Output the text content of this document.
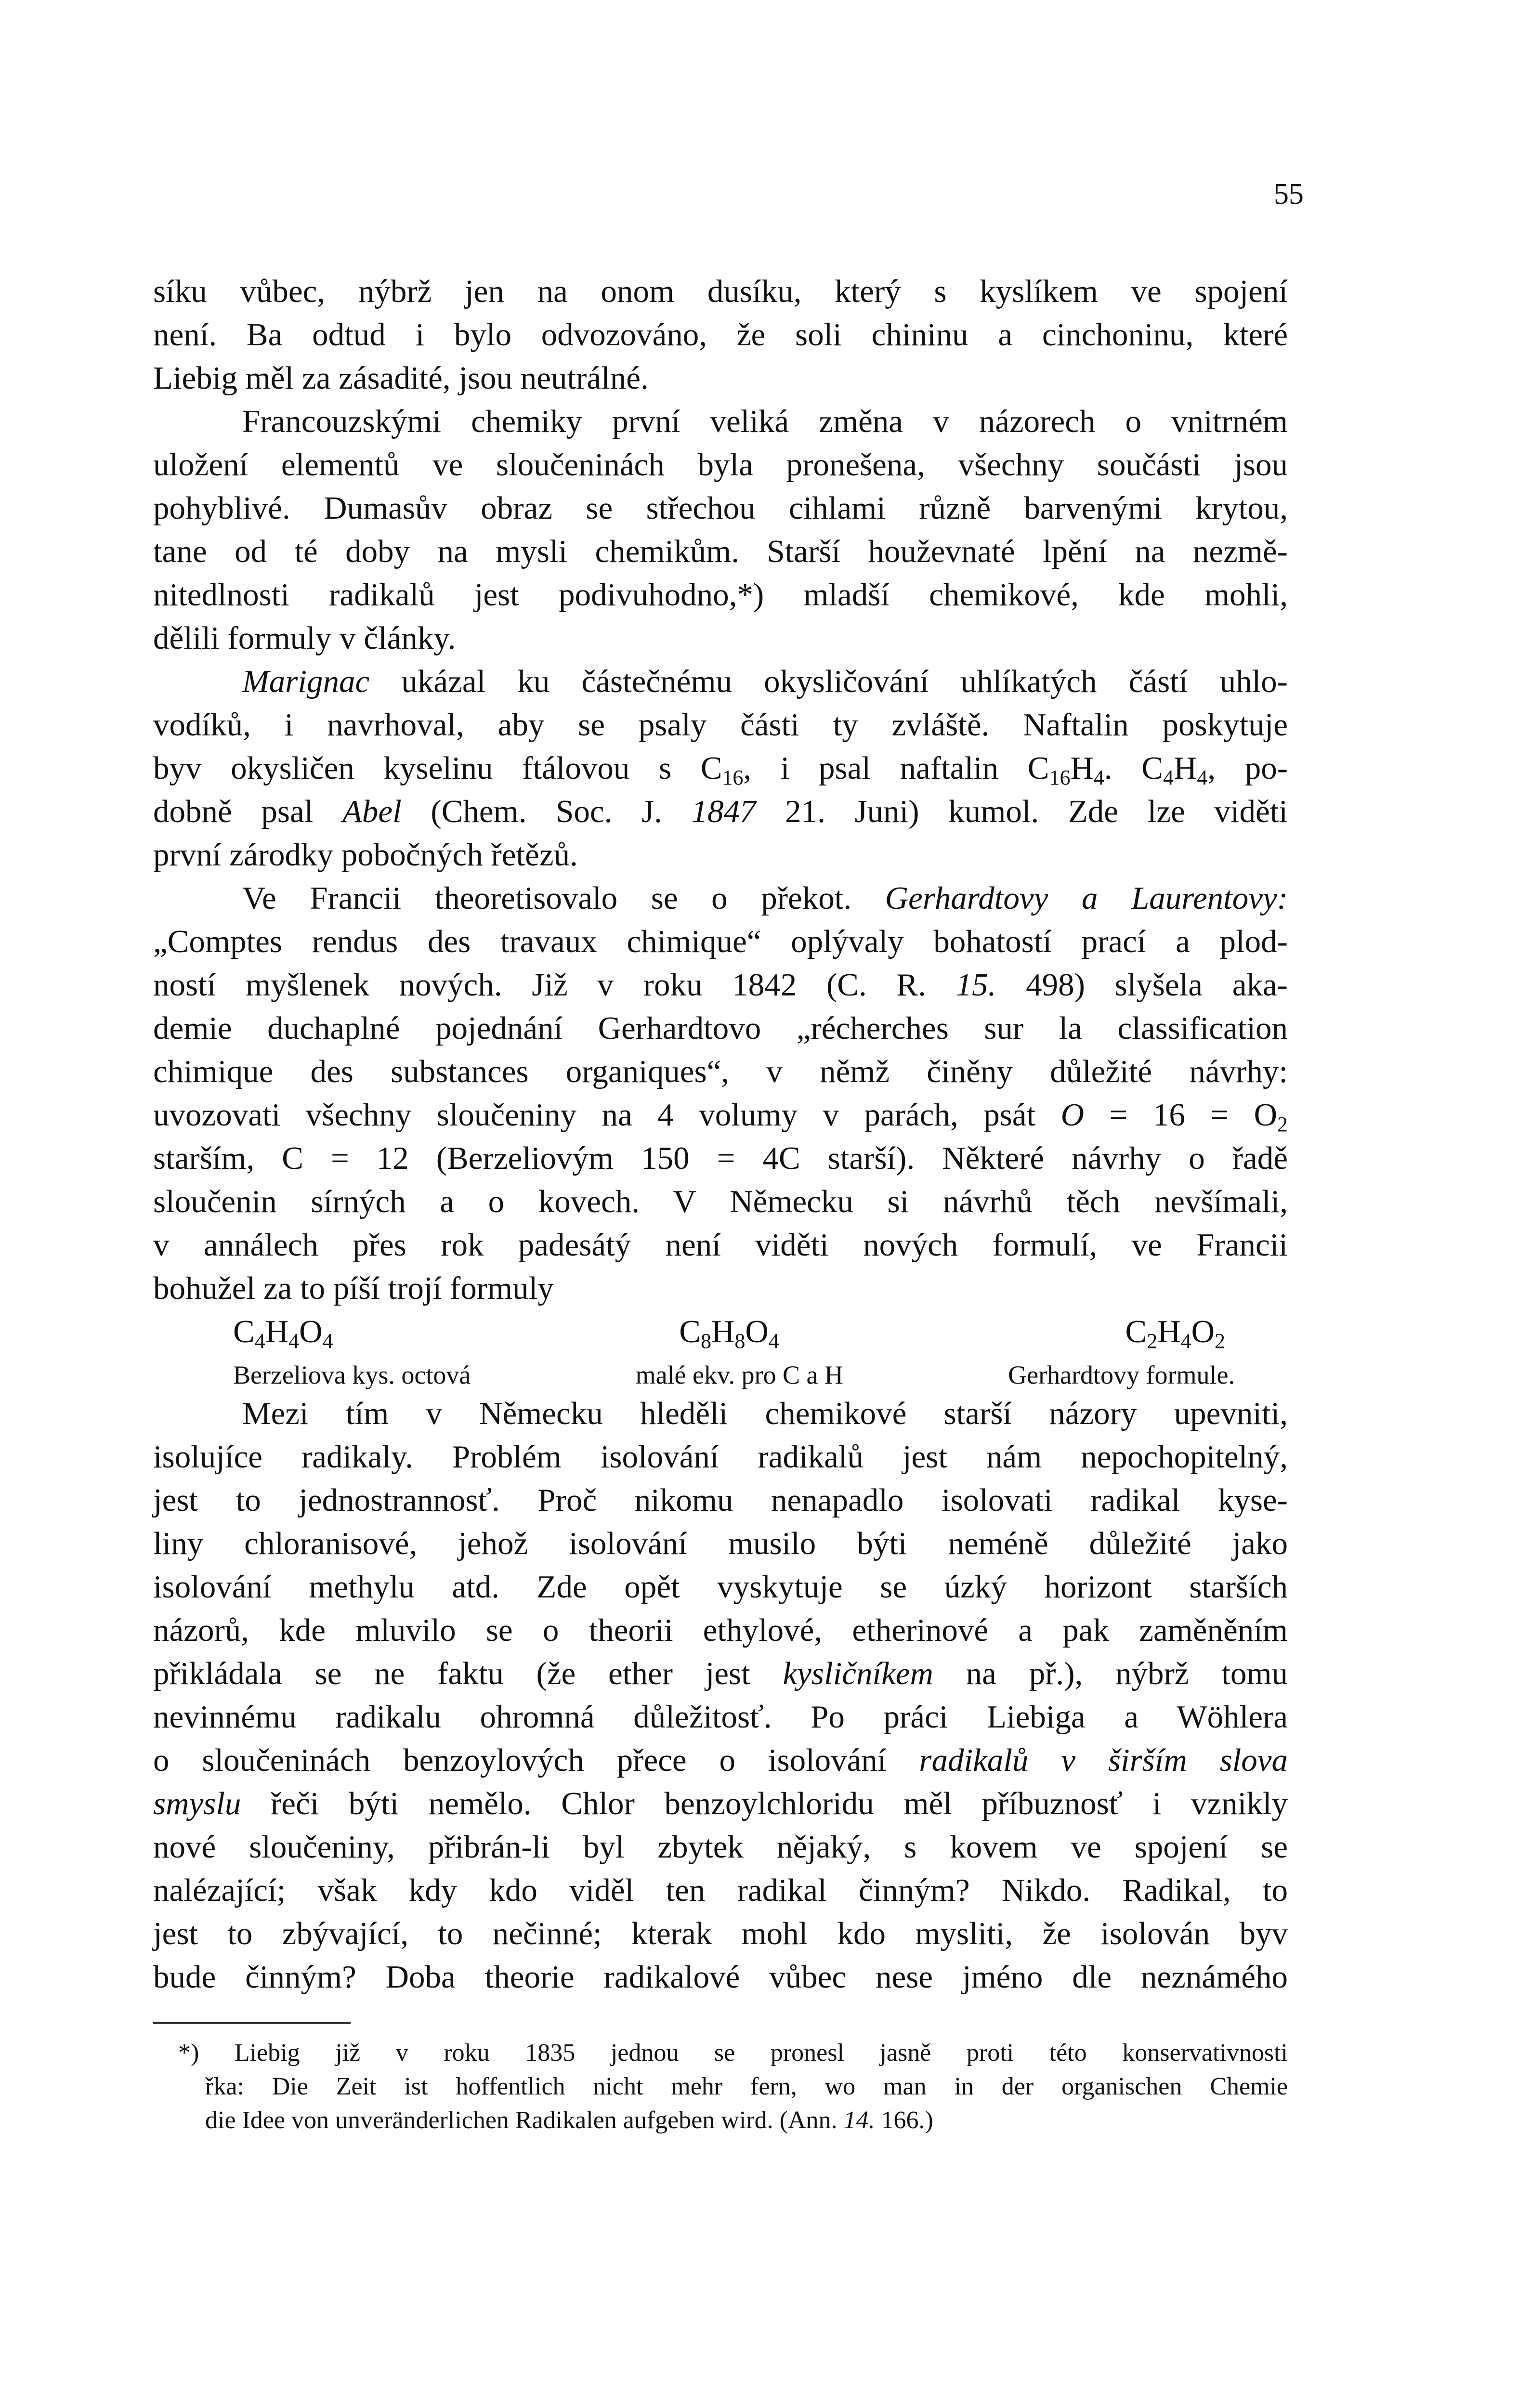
55
síku vůbec, nýbrž jen na onom dusíku, který s kyslíkem ve spojení
není. Ba odtud i bylo odvozováno, že soli chininu a cinchoninu, které
Liebig měl za zásadité, jsou neutrálné.
Francouzskými chemiky první veliká změna v názorech o vnitrném
uložení elementů ve sloučeninách byla pronešena, všechny součásti jsou
pohyblivé. Dumasův obraz se střechou cihlami různě barvenými krytou,
tane od té doby na mysli chemikům. Starší houževnaté lpění na nezmě-
nitedlnosti radikalů jest podivuhodno,*) mladší chemikové, kde mohli,
dělili formuly v články.
Marignac ukázal ku částečnému okysličování uhlíkatých částí uhlo-
vodíků, i navrhoval, aby se psaly části ty zvláště. Naftalin poskytuje
byv okysličen kyselinu ftálovou s $C_{16}$, i psal naftalin $C_{16}H_4$. $C_4H_4$, po-
dobně psal Abel (Chem. Soc. J. 1847 21. Juni) kumol. Zde lze viděti
první zárodky pobočných řetězů.
Ve Francii theoretisovalo se o překot. Gerhardtovy a Laurentovy:
„Comptes rendus des travaux chimique“ oplývaly bohatostí prací a plod-
ností myšlenek nových. Již v roku 1842 (C. R. 15. 498) slyšela aka-
demie duchaplné pojednání Gerhardtovo „récherches sur la classification
chimique des substances organiques“, v němž činěny důležité návrhy:
uvozovati všechny sloučeniny na 4 volumy v parách, psát $O = 16 = O_2$
starším, C = 12 (Berzeliovým 150 = 4C starší). Některé návrhy o řadě
sloučenin sírných a o kovech. V Německu si návrhů těch nevšímali,
v annálech přes rok padesátý není viděti nových formulí, ve Francii
bohužel za to píší trojí formuly
$C_4H_4O_4$	$C_8H_8O_4$	$C_2H_4O_2$
Berzeliova kys. octová	malé ekv. pro C a H	Gerhardtovy formule.
Mezi tím v Německu hleděli chemikové starší názory upevniti,
isolujíce radikaly. Problém isolování radikalů jest nám nepochopitelný,
jest to jednostrannosť. Proč nikomu nenapadlo isolovati radikal kyse-
liny chloranisové, jehož isolování musilo býti neméně důležité jako
isolování methylu atd. Zde opět vyskytuje se úzký horizont starších
názorů, kde mluvilo se o theorii ethylové, etherinové a pak zaměněním
přikládala se ne faktu (že ether jest kysličníkem na př.), nýbrž tomu
nevinnému radikalu ohromná důležitosť. Po práci Liebiga a Wöhlera
o sloučeninách benzoylových přece o isolování radikalů v širším slova
smyslu řeči býti nemělo. Chlor benzoylchloridu měl příbuznosť i vznikly
nové sloučeniny, přibrán-li byl zbytek nějaký, s kovem ve spojení se
nalézající; však kdy kdo viděl ten radikal činným? Nikdo. Radikal, to
jest to zbývající, to nečinné; kterak mohl kdo mysliti, že isolován byv
bude činným? Doba theorie radikalové vůbec nese jméno dle neznámého
*) Liebig již v roku 1835 jednou se pronesl jasně proti této konservativnosti
řka: Die Zeit ist hoffentlich nicht mehr fern, wo man in der organischen Chemie
die Idee von unveränderlichen Radikalen aufgeben wird. (Ann. 14. 166.)
